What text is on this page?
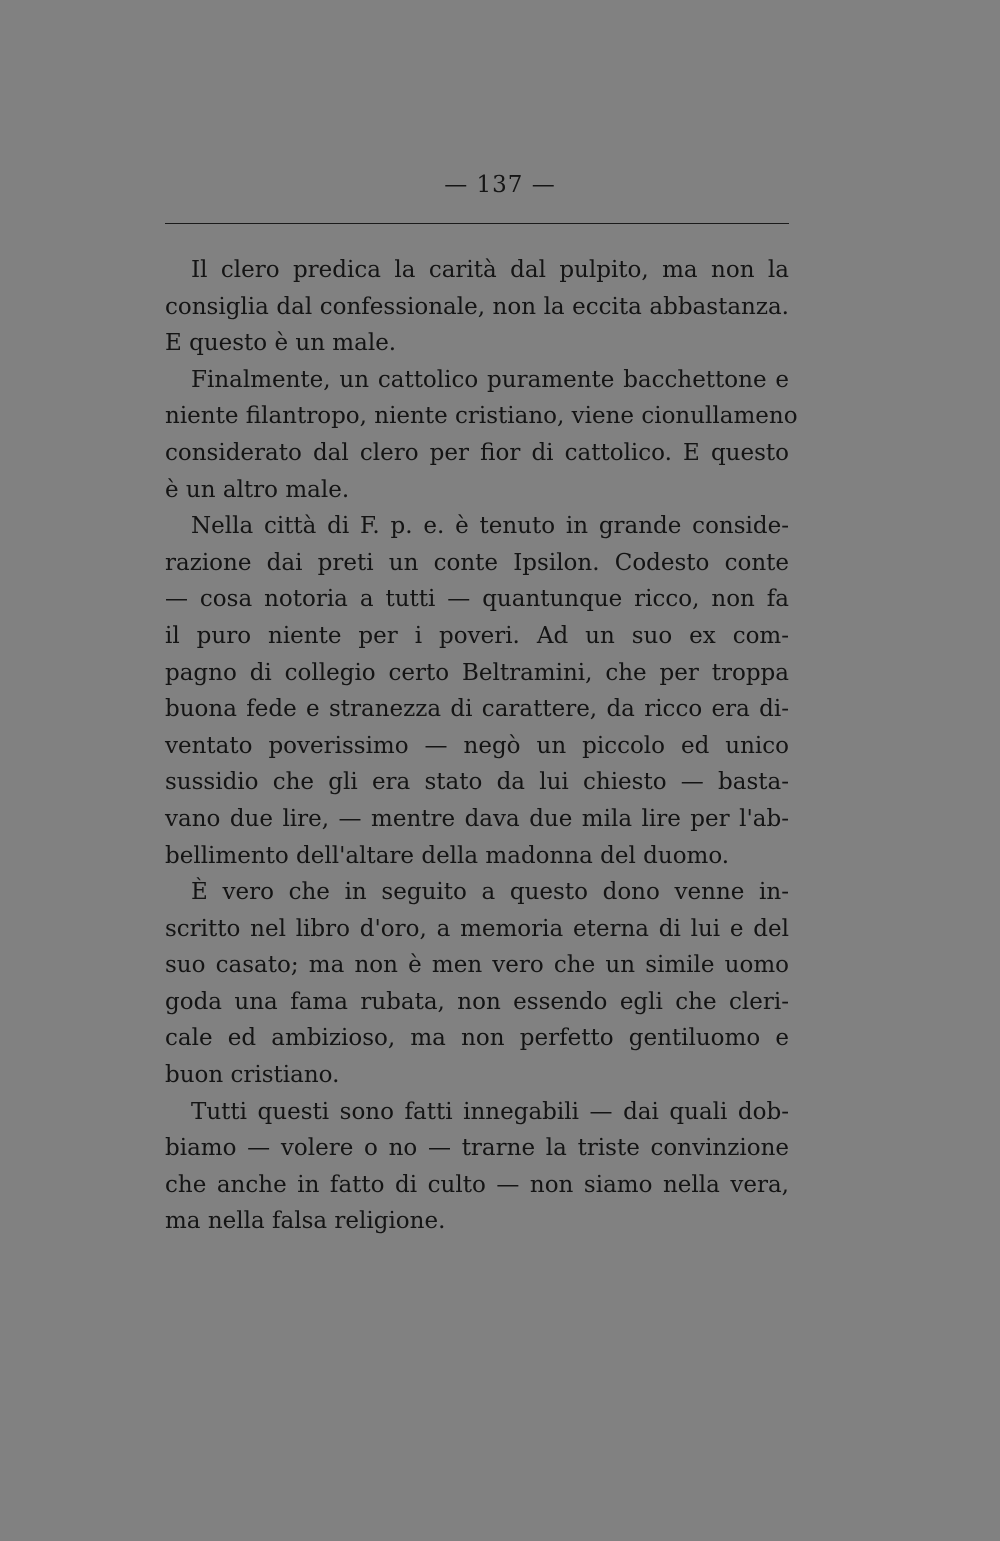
— 137 —
Il clero predica la carità dal pulpito, ma non la
consiglia dal confessionale, non la eccita abbastanza.
E questo è un male.
Finalmente, un cattolico puramente bacchettone e
niente filantropo, niente cristiano, viene cionullameno
considerato dal clero per fior di cattolico. E questo
è un altro male.
Nella città di F. p. e. è tenuto in grande conside-
razione dai preti un conte Ipsilon. Codesto conte
— cosa notoria a tutti — quantunque ricco, non fa
il puro niente per i poveri. Ad un suo ex com-
pagno di collegio certo Beltramini, che per troppa
buona fede e stranezza di carattere, da ricco era di-
ventato poverissimo — negò un piccolo ed unico
sussidio che gli era stato da lui chiesto — basta-
vano due lire, — mentre dava due mila lire per l'ab-
bellimento dell'altare della madonna del duomo.
È vero che in seguito a questo dono venne in-
scritto nel libro d'oro, a memoria eterna di lui e del
suo casato; ma non è men vero che un simile uomo
goda una fama rubata, non essendo egli che cleri-
cale ed ambizioso, ma non perfetto gentiluomo e
buon cristiano.
Tutti questi sono fatti innegabili — dai quali dob-
biamo — volere o no — trarne la triste convinzione
che anche in fatto di culto — non siamo nella vera,
ma nella falsa religione.
